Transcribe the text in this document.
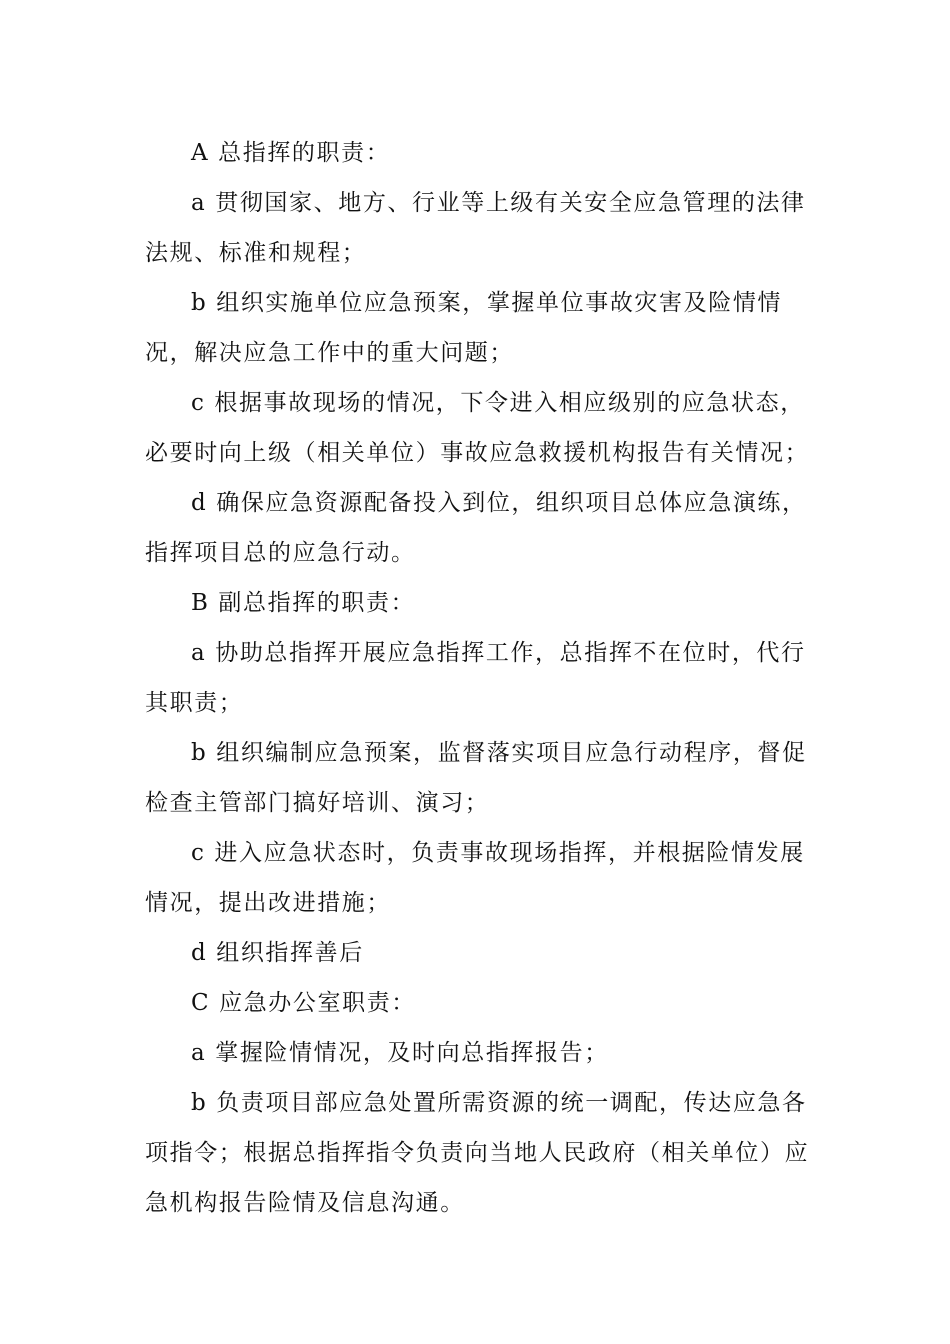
A 总指挥的职责：

a 贯彻国家、地方、行业等上级有关安全应急管理的法律法规、标准和规程；

b 组织实施单位应急预案，掌握单位事故灾害及险情情况，解决应急工作中的重大问题；

c 根据事故现场的情况，下令进入相应级别的应急状态，必要时向上级（相关单位）事故应急救援机构报告有关情况；

d 确保应急资源配备投入到位，组织项目总体应急演练，指挥项目总的应急行动。

B 副总指挥的职责：

a 协助总指挥开展应急指挥工作，总指挥不在位时，代行其职责；

b 组织编制应急预案，监督落实项目应急行动程序，督促检查主管部门搞好培训、演习；

c 进入应急状态时，负责事故现场指挥，并根据险情发展情况，提出改进措施；

d 组织指挥善后

C 应急办公室职责：

a 掌握险情情况，及时向总指挥报告；

b 负责项目部应急处置所需资源的统一调配，传达应急各项指令；根据总指挥指令负责向当地人民政府（相关单位）应急机构报告险情及信息沟通。
